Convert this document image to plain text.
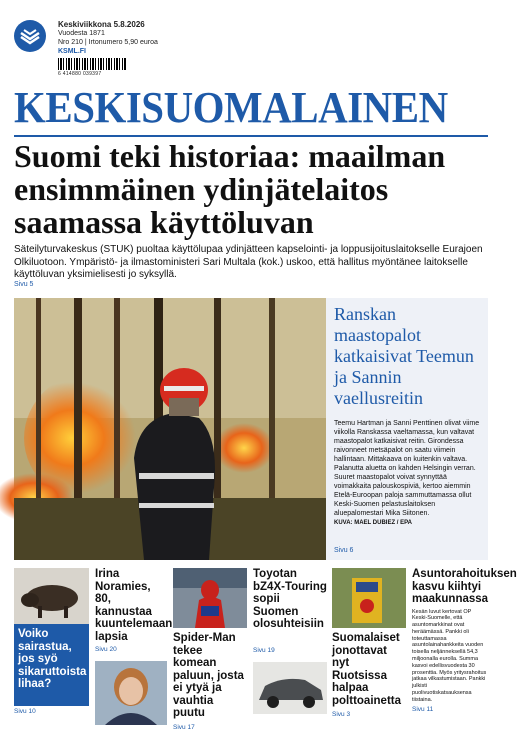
Keskiviikkona 5.8.2026
Vuodesta 1871
Nro 210 | Irtonumero 5,90 euroa
KSML.FI
6 414880 039397
KESKISUOMALAINEN
Suomi teki historiaa: maailman ensimmäinen ydinjätelaitos saamassa käyttöluvan
Säteilyturvakeskus (STUK) puoltaa käyttölupaa ydinjätteen kapselointi- ja loppusijoituslaitokselle Eurajoen Olkiluotoon. Ympäristö- ja ilmastoministeri Sari Multala (kok.) uskoo, että hallitus myöntänee laitokselle käyttöluvan yksimielisesti jo syksyllä.
Sivu 5
Ranskan maastopalot katkaisivat Teemun ja Sannin vaellusreitin
Teemu Hartman ja Sanni Penttinen olivat viime viikolla Ranskassa vaeltamassa, kun valtavat maastopalot katkaisivat reitin. Girondessa raivonneet metsäpalot on saatu viimein hallintaan. Mittakaava on kuitenkin valtava. Palanutta aluetta on kahden Helsingin verran. Suuret maastopalot voivat synnyttää voimakkaita palouskospiviä, kertoo aiemmin Etelä-Euroopan palojа sammuttamassa ollut Keski-Suomen pelastuslaitoksen aluepalomestari Mika Siitonen.
KUVA: MAEL DUBIEZ / EPA
Sivu 6
Voiko sairastua, jos syö sikaruttoista lihaa?
Sivu 10
Irina Noramies, 80, kannustaa kuuntelemaan lapsia
Sivu 20
Spider-Man tekee komean paluun, josta ei ytyä ja vauhtia puutu
Sivu 17
Toyotan bZ4X-Touring sopii Suomen olosuhteisiin
Sivu 19
Suomalaiset jonottavat nyt Ruotsissa halpaa polttoainetta
Sivu 3
Asuntorahoituksen kasvu kiihtyi maakunnassa
Kesän luvut kertovat OP Keski-Suomelle, että asuntomarkkinat ovat heräämässä. Pankki oli toteuttamassa asuntolainahankkeita vuoden toisella neljänneksellä 54,3 miljoonalla eurolla. Summa kasvoi edellisvuodesta 30 prosenttia. Myös yritysrahoitus jatkaa vilkastumistaan. Pankki julkisti puolivuotiskatsauksensa tiistaina.
Sivu 11
